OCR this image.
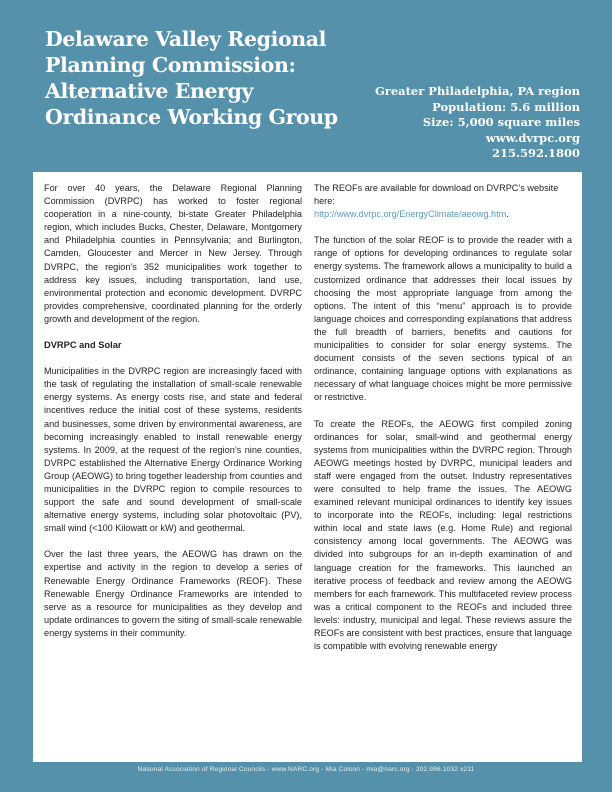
Delaware Valley Regional
Planning Commission:
Alternative Energy
Ordinance Working Group
Greater Philadelphia, PA region
Population: 5.6 million
Size: 5,000 square miles
www.dvrpc.org
215.592.1800

For over 40 years, the Delaware Regional Planning Commission (DVRPC) has worked to foster regional cooperation in a nine-county, bi-state Greater Philadelphia region, which includes Bucks, Chester, Delaware, Montgomery and Philadelphia counties in Pennsylvania; and Burlington, Camden, Gloucester and Mercer in New Jersey. Through DVRPC, the region’s 352 municipalities work together to address key issues, including transportation, land use, environmental protection and economic development. DVRPC provides comprehensive, coordinated planning for the orderly growth and development of the region.

DVRPC and Solar

Municipalities in the DVRPC region are increasingly faced with the task of regulating the installation of small-scale renewable energy systems. As energy costs rise, and state and federal incentives reduce the initial cost of these systems, residents and businesses, some driven by environmental awareness, are becoming increasingly enabled to install renewable energy systems. In 2009, at the request of the region’s nine counties, DVRPC established the Alternative Energy Ordinance Working Group (AEOWG) to bring together leadership from counties and municipalities in the DVRPC region to compile resources to support the safe and sound development of small-scale alternative energy systems, including solar photovoltaic (PV), small wind (<100 Kilowatt or kW) and geothermal.

Over the last three years, the AEOWG has drawn on the expertise and activity in the region to develop a series of Renewable Energy Ordinance Frameworks (REOF). These Renewable Energy Ordinance Frameworks are intended to serve as a resource for municipalities as they develop and update ordinances to govern the siting of small-scale renewable energy systems in their community.

The REOFs are available for download on DVRPC’s website here:

http://www.dvrpc.org/EnergyClimate/aeowg.htm.

The function of the solar REOF is to provide the reader with a range of options for developing ordinances to regulate solar energy systems. The framework allows a municipality to build a customized ordinance that addresses their local issues by choosing the most appropriate language from among the options. The intent of this “menu” approach is to provide language choices and corresponding explanations that address the full breadth of barriers, benefits and cautions for municipalities to consider for solar energy systems. The document consists of the seven sections typical of an ordinance, containing language options with explanations as necessary of what language choices might be more permissive or restrictive.

To create the REOFs, the AEOWG first compiled zoning ordinances for solar, small-wind and geothermal energy systems from municipalities within the DVRPC region. Through AEOWG meetings hosted by DVRPC, municipal leaders and staff were engaged from the outset. Industry representatives were consulted to help frame the issues. The AEOWG examined relevant municipal ordinances to identify key issues to incorporate into the REOFs, including: legal restrictions within local and state laws (e.g. Home Rule) and regional consistency among local governments. The AEOWG was divided into subgroups for an in-depth examination of and language creation for the frameworks. This launched an iterative process of feedback and review among the AEOWG members for each framework. This multifaceted review process was a critical component to the REOFs and included three levels: industry, municipal and legal. These reviews assure the REOFs are consistent with best practices, ensure that language is compatible with evolving renewable energy

National Association of Regional Councils - www.NARC.org - Mia Colson - mia@narc.org - 202.986.1032 x211
